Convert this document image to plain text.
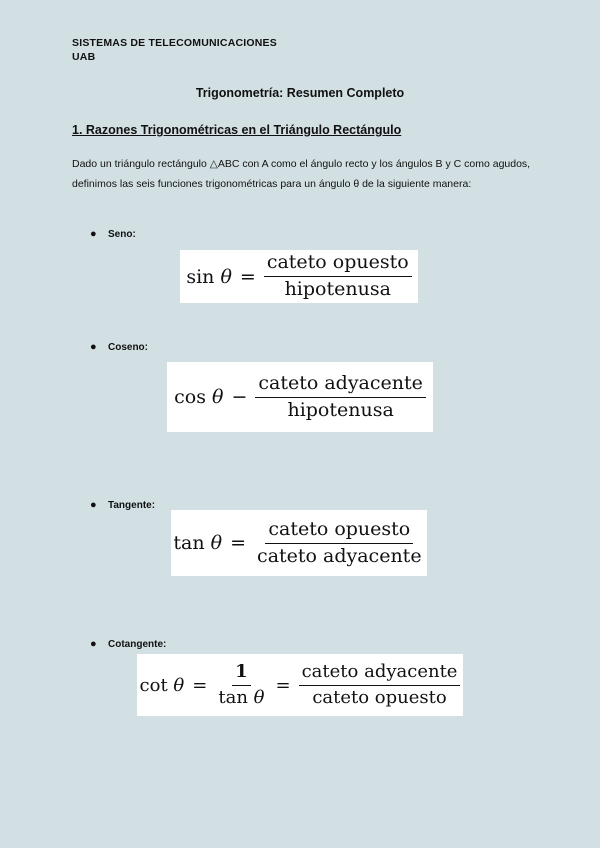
SISTEMAS DE TELECOMUNICACIONES
UAB
Trigonometría: Resumen Completo
1. Razones Trigonométricas en el Triángulo Rectángulo
Dado un triángulo rectángulo △ABC con A como el ángulo recto y los ángulos B y C como agudos, definimos las seis funciones trigonométricas para un ángulo θ de la siguiente manera:
● Seno:
$\sin \theta = \frac{\text{cateto opuesto}}{\text{hipotenusa}}$
● Coseno:
$\cos \theta - \frac{\text{cateto adyacente}}{\text{hipotenusa}}$
● Tangente:
$\tan \theta = \frac{\text{cateto opuesto}}{\text{cateto adyacente}}$
● Cotangente:
$\cot \theta = \frac{1}{\text{tan θ}} = \frac{\text{cateto adyacente}}{\text{cateto opuesto}}$
